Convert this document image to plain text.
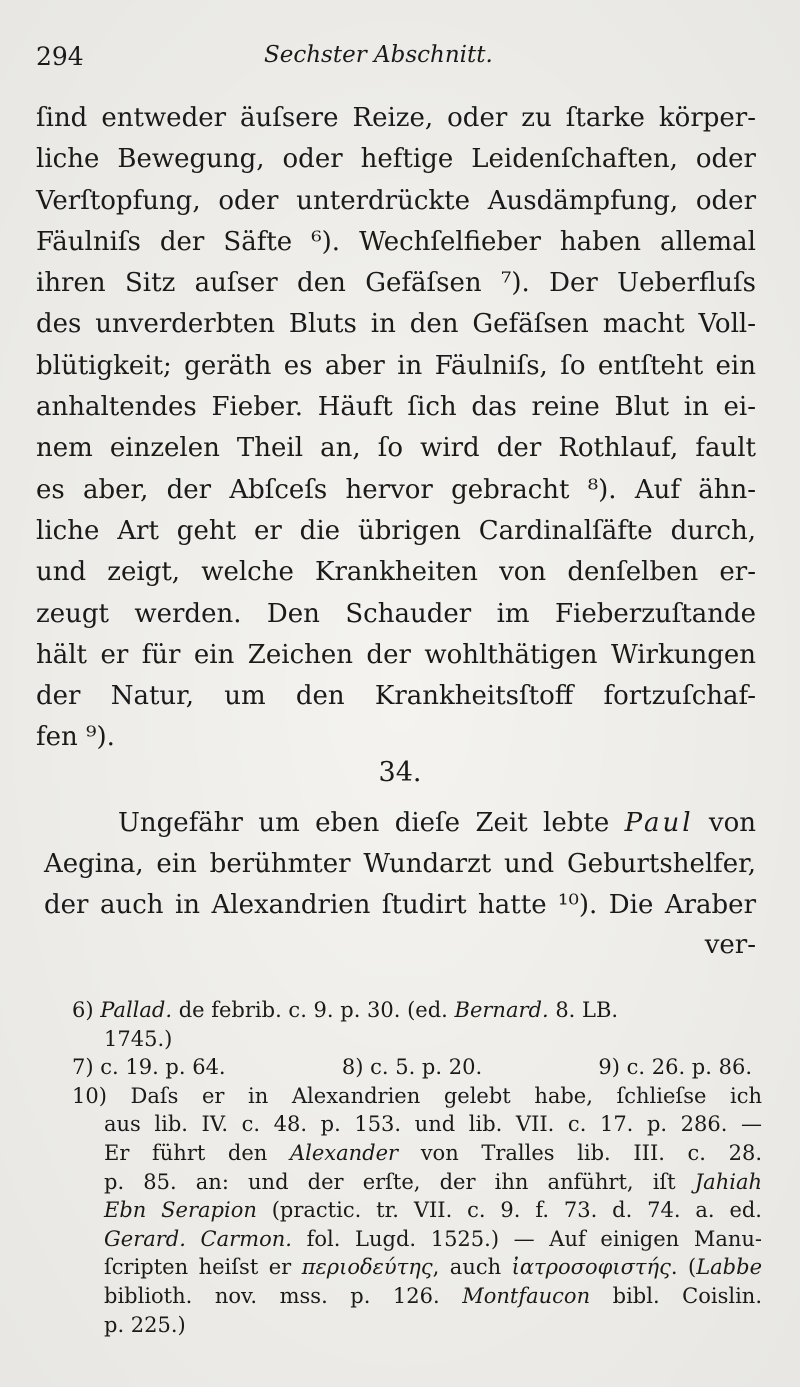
294	Sechster Abschnitt.
ſind entweder äuſsere Reize, oder zu ſtarke körper-
liche Bewegung, oder heftige Leidenſchaften, oder
Verſtopfung, oder unterdrückte Ausdämpfung, oder
Fäulniſs der Säfte ⁶). Wechſelfieber haben allemal
ihren Sitz auſser den Gefäſsen ⁷). Der Ueberfluſs
des unverderbten Bluts in den Gefäſsen macht Voll-
blütigkeit; geräth es aber in Fäulniſs, ſo entſteht ein
anhaltendes Fieber. Häuft ſich das reine Blut in ei-
nem einzelen Theil an, ſo wird der Rothlauf, fault
es aber, der Abſceſs hervor gebracht ⁸). Auf ähn-
liche Art geht er die übrigen Cardinalſäfte durch,
und zeigt, welche Krankheiten von denſelben er-
zeugt werden. Den Schauder im Fieberzuſtande
hält er für ein Zeichen der wohlthätigen Wirkungen
der Natur, um den Krankheitsſtoff fortzuſchaf-
fen ⁹).
34.
Ungefähr um eben dieſe Zeit lebte Paul von
Aegina, ein berühmter Wundarzt und Geburtshelfer,
der auch in Alexandrien ſtudirt hatte ¹⁰). Die Araber
ver-
6) Pallad. de febrib. c. 9. p. 30. (ed. Bernard. 8. LB.
1745.)
7) c. 19. p. 64.	8) c. 5. p. 20.	9) c. 26. p. 86.
10) Daſs er in Alexandrien gelebt habe, ſchlieſse ich
aus lib. IV. c. 48. p. 153. und lib. VII. c. 17. p. 286. —
Er führt den Alexander von Tralles lib. III. c. 28.
p. 85. an: und der erſte, der ihn anführt, iſt Jahiah
Ebn Serapion (practic. tr. VII. c. 9. f. 73. d. 74. a. ed.
Gerard. Carmon. fol. Lugd. 1525.) — Auf einigen Manu-
ſcripten heiſst er περιοδεύτης, auch ἰατροσοφιστής. (Labbe
biblioth. nov. mss. p. 126. Montfaucon bibl. Coislin.
p. 225.)
